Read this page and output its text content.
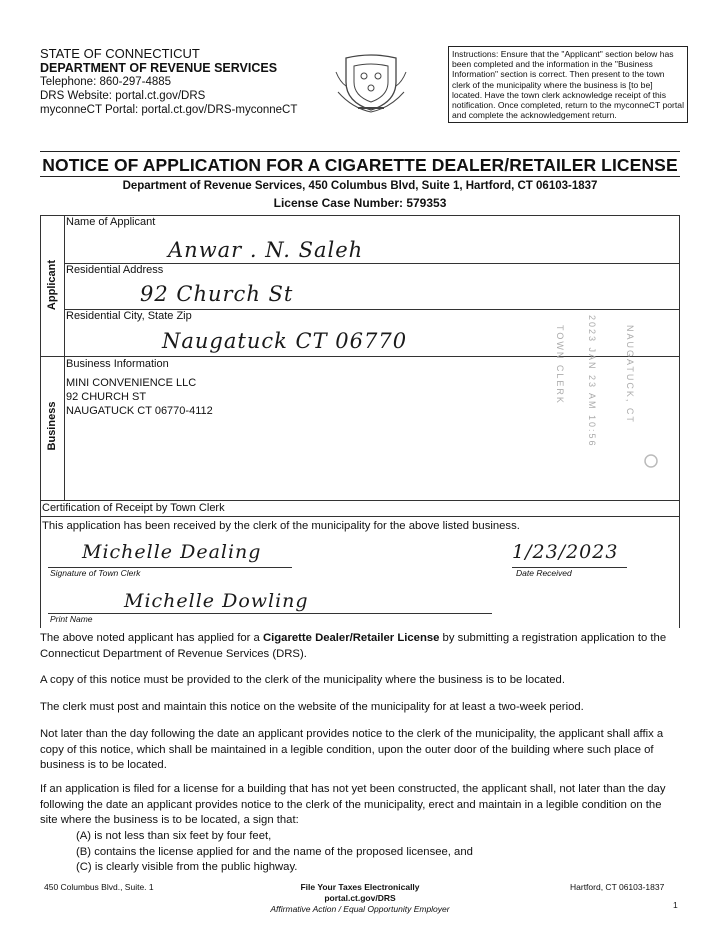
STATE OF CONNECTICUT
DEPARTMENT OF REVENUE SERVICES
Telephone: 860-297-4885
DRS Website: portal.ct.gov/DRS
myconneCT Portal: portal.ct.gov/DRS-myconneCT
Instructions: Ensure that the "Applicant" section below has been completed and the information in the "Business Information" section is correct. Then present to the town clerk of the municipality where the business is [to be] located. Have the town clerk acknowledge receipt of this notification. Once completed, return to the myconneCT portal and complete the acknowledgement return.
NOTICE OF APPLICATION FOR A CIGARETTE DEALER/RETAILER LICENSE
Department of Revenue Services, 450 Columbus Blvd, Suite 1, Hartford, CT 06103-1837
License Case Number: 579353
Applicant
Name of Applicant
Anwar . N. Saleh
Residential Address
92 Church St
Residential City, State Zip
Naugatuck CT 06770
Business
Business Information
MINI CONVENIENCE LLC
92 CHURCH ST
NAUGATUCK CT 06770-4112	2023 JAN 23 AM 10:56	NAUGATUCK, CT
TOWN CLERK
Certification of Receipt by Town Clerk
This application has been received by the clerk of the municipality for the above listed business.
Michelle Dealing
Signature of Town Clerk
1/23/2023
Date Received
Michelle Dowling
Print Name
The above noted applicant has applied for a Cigarette Dealer/Retailer License by submitting a registration application to the Connecticut Department of Revenue Services (DRS).
A copy of this notice must be provided to the clerk of the municipality where the business is to be located.
The clerk must post and maintain this notice on the website of the municipality for at least a two-week period.
Not later than the day following the date an applicant provides notice to the clerk of the municipality, the applicant shall affix a copy of this notice, which shall be maintained in a legible condition, upon the outer door of the building where such place of business is to be located.
If an application is filed for a license for a building that has not yet been constructed, the applicant shall, not later than the day following the date an applicant provides notice to the clerk of the municipality, erect and maintain in a legible condition on the site where the business is to be located, a sign that:
(A) is not less than six feet by four feet,
(B) contains the license applied for and the name of the proposed licensee, and
(C) is clearly visible from the public highway.
450 Columbus Blvd., Suite. 1	File Your Taxes Electronically
portal.ct.gov/DRS
Affirmative Action / Equal Opportunity Employer
Hartford, CT 06103-1837
1
